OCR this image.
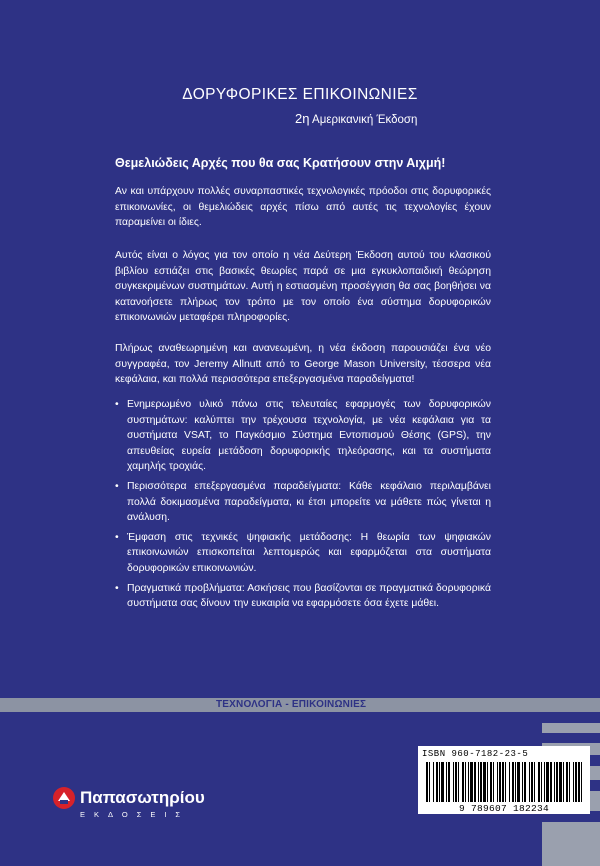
ΔΟΡΥΦΟΡΙΚΕΣ ΕΠΙΚΟΙΝΩΝΙΕΣ
2η Αμερικανική Έκδοση
Θεμελιώδεις Αρχές που θα σας Κρατήσουν στην Αιχμή!

Αν και υπάρχουν πολλές συναρπαστικές τεχνολογικές πρόοδοι στις δορυφορικές επικοινωνίες, οι θεμελιώδεις αρχές πίσω από αυτές τις τεχνολογίες έχουν παραμείνει οι ίδιες.

Αυτός είναι ο λόγος για τον οποίο η νέα Δεύτερη Έκδοση αυτού του κλασικού βιβλίου εστιάζει στις βασικές θεωρίες παρά σε μια εγκυκλοπαιδική θεώρηση συγκεκριμένων συστημάτων. Αυτή η εστιασμένη προσέγγιση θα σας βοηθήσει να κατανοήσετε πλήρως τον τρόπο με τον οποίο ένα σύστημα δορυφορικών επικοινωνιών μεταφέρει πληροφορίες.

Πλήρως αναθεωρημένη και ανανεωμένη, η νέα έκδοση παρουσιάζει ένα νέο συγγραφέα, τον Jeremy Allnutt από το George Mason University, τέσσερα νέα κεφάλαια, και πολλά περισσότερα επεξεργασμένα παραδείγματα!

• Ενημερωμένο υλικό πάνω στις τελευταίες εφαρμογές των δορυφορικών συστημάτων: καλύπτει την τρέχουσα τεχνολογία, με νέα κεφάλαια για τα συστήματα VSAT, το Παγκόσμιο Σύστημα Εντοπισμού Θέσης (GPS), την απευθείας ευρεία μετάδοση δορυφορικής τηλεόρασης, και τα συστήματα χαμηλής τροχιάς.
• Περισσότερα επεξεργασμένα παραδείγματα: Κάθε κεφάλαιο περιλαμβάνει πολλά δοκιμασμένα παραδείγματα, κι έτσι μπορείτε να μάθετε πώς γίνεται η ανάλυση.
• Έμφαση στις τεχνικές ψηφιακής μετάδοσης: Η θεωρία των ψηφιακών επικοινωνιών επισκοπείται λεπτομερώς και εφαρμόζεται στα συστήματα δορυφορικών επικοινωνιών.
• Πραγματικά προβλήματα: Ασκήσεις που βασίζονται σε πραγματικά δορυφορικά συστήματα σας δίνουν την ευκαιρία να εφαρμόσετε όσα έχετε μάθει.
ΤΕΧΝΟΛΟΓΙΑ - ΕΠΙΚΟΙΝΩΝΙΕΣ
ISBN 960-7182-23-5
9 789607 182234
Παπασωτηρίου
ΕΚΔΟΣΕΙΣ
